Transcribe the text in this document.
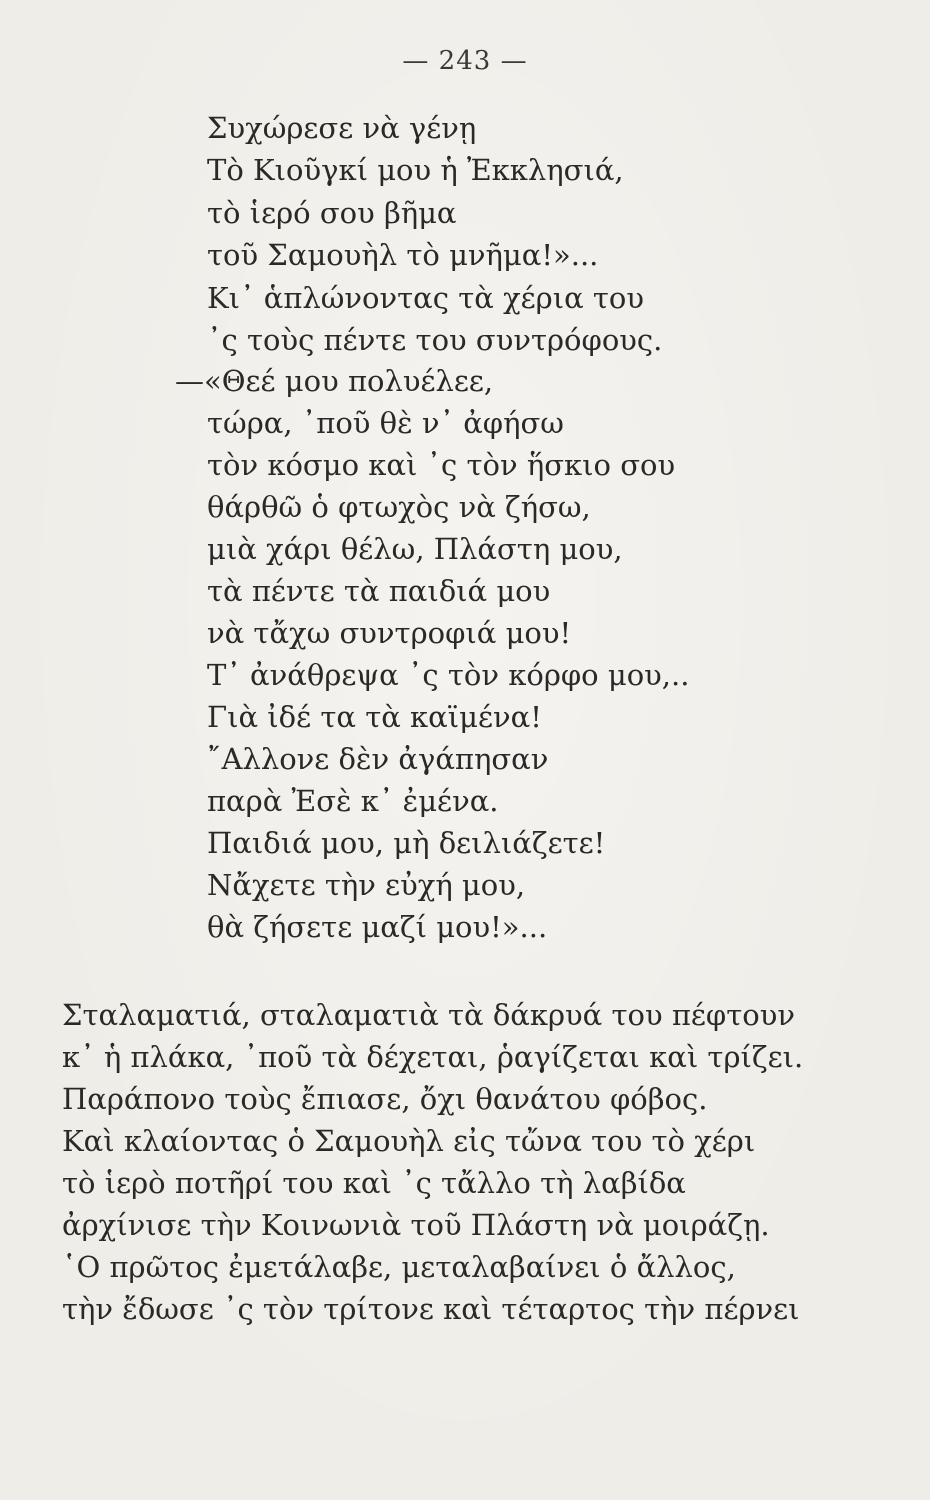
— 243 —
Συχώρεσε νὰ γένῃ
Τὸ Κιοῦγκί μου ἡ Ἐκκλησιά,
τὸ ἱερό σου βῆμα
τοῦ Σαμουὴλ τὸ μνῆμα!»...
Κι᾿ ἁπλώνοντας τὰ χέρια του
᾿ς τοὺς πέντε του συντρόφους.
—«Θεέ μου πολυέλεε,
τώρα, ᾿ποῦ θὲ ν᾿ ἀφήσω
τὸν κόσμο καὶ ᾿ς τὸν ἥσκιο σου
θάρθῶ ὁ φτωχὸς νὰ ζήσω,
μιὰ χάρι θέλω, Πλάστη μου,
τὰ πέντε τὰ παιδιά μου
νὰ τἄχω συντροφιά μου!
Τ᾿ ἀνάθρεψα ᾿ς τὸν κόρφο μου,..
Γιὰ ἰδέ τα τὰ καϊμένα!
῎Αλλονε δὲν ἀγάπησαν
παρὰ Ἐσὲ κ᾿ ἐμένα.
Παιδιά μου, μὴ δειλιάζετε!
Νἄχετε τὴν εὐχή μου,
θὰ ζήσετε μαζί μου!»...
Σταλαματιά, σταλαματιὰ τὰ δάκρυά του πέφτουν
κ᾿ ἡ πλάκα, ᾿ποῦ τὰ δέχεται, ῥαγίζεται καὶ τρίζει.
Παράπονο τοὺς ἔπιασε, ὄχι θανάτου φόβος.
Καὶ κλαίοντας ὁ Σαμουὴλ εἰς τὤνα του τὸ χέρι
τὸ ἱερὸ ποτῆρί του καὶ ᾿ς τἄλλο τὴ λαβίδα
ἀρχίνισε τὴν Κοινωνιὰ τοῦ Πλάστη νὰ μοιράζῃ.
῾Ο πρῶτος ἐμετάλαβε, μεταλαβαίνει ὁ ἄλλος,
τὴν ἔδωσε ᾿ς τὸν τρίτονε καὶ τέταρτος τὴν πέρνει
